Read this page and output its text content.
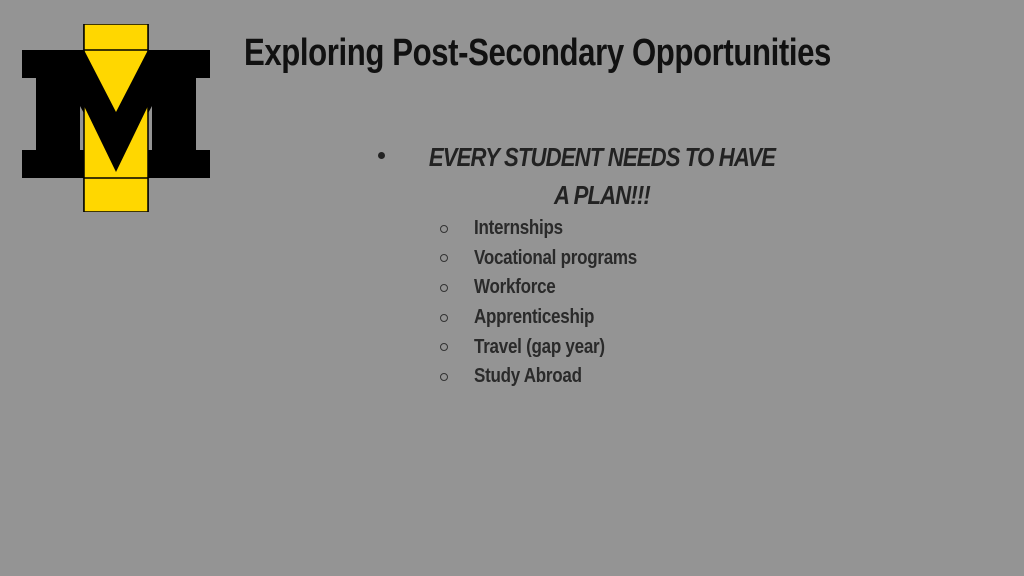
Exploring Post-Secondary Opportunities
EVERY STUDENT NEEDS TO HAVE A PLAN!!!
Internships
Vocational programs
Workforce
Apprenticeship
Travel (gap year)
Study Abroad
